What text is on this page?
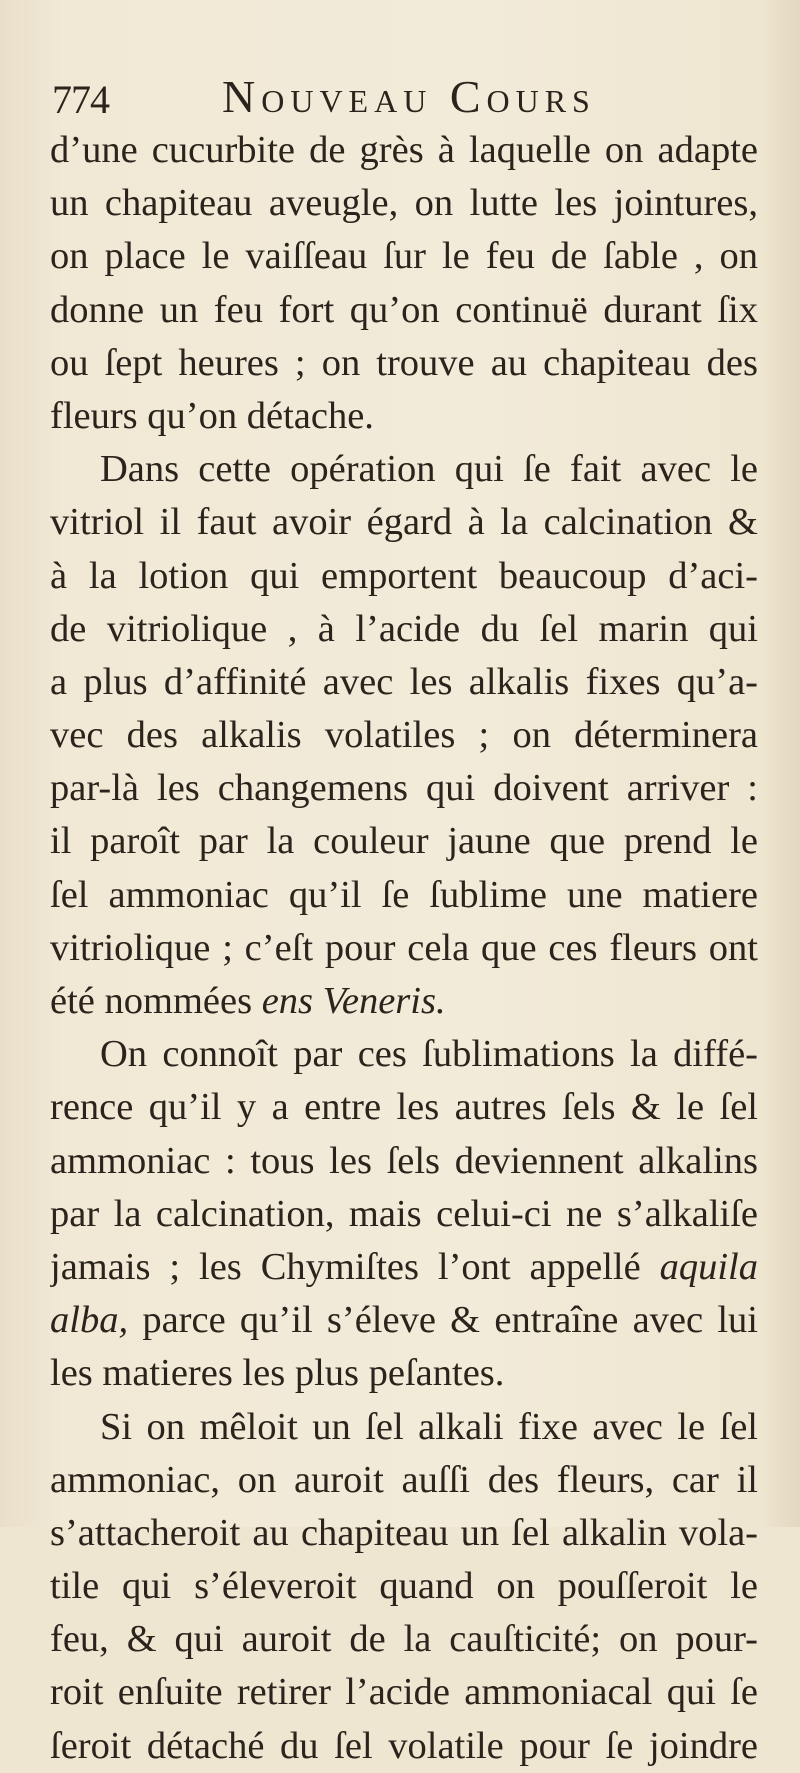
774 Nouveau Cours
d’une cucurbite de grès à laquelle on adapte
un chapiteau aveugle, on lutte les jointures,
on place le vaiſſeau ſur le feu de ſable , on
donne un feu fort qu’on continuë durant ſix
ou ſept heures ; on trouve au chapiteau des
fleurs qu’on détache.
Dans cette opération qui ſe fait avec le
vitriol il faut avoir égard à la calcination &
à la lotion qui emportent beaucoup d’aci-
de vitriolique , à l’acide du ſel marin qui
a plus d’affinité avec les alkalis fixes qu’a-
vec des alkalis volatiles ; on déterminera
par-là les changemens qui doivent arriver :
il paroît par la couleur jaune que prend le
ſel ammoniac qu’il ſe ſublime une matiere
vitriolique ; c’eſt pour cela que ces fleurs ont
été nommées ens Veneris.
On connoît par ces ſublimations la diffé-
rence qu’il y a entre les autres ſels & le ſel
ammoniac : tous les ſels deviennent alkalins
par la calcination, mais celui-ci ne s’alkaliſe
jamais ; les Chymiſtes l’ont appellé aquila
alba, parce qu’il s’éleve & entraîne avec lui
les matieres les plus peſantes.
Si on mêloit un ſel alkali fixe avec le ſel
ammoniac, on auroit auſſi des fleurs, car il
s’attacheroit au chapiteau un ſel alkalin vola-
tile qui s’éleveroit quand on pouſſeroit le
feu, & qui auroit de la cauſticité; on pour-
roit enſuite retirer l’acide ammoniacal qui ſe
ſeroit détaché du ſel volatile pour ſe joindre
